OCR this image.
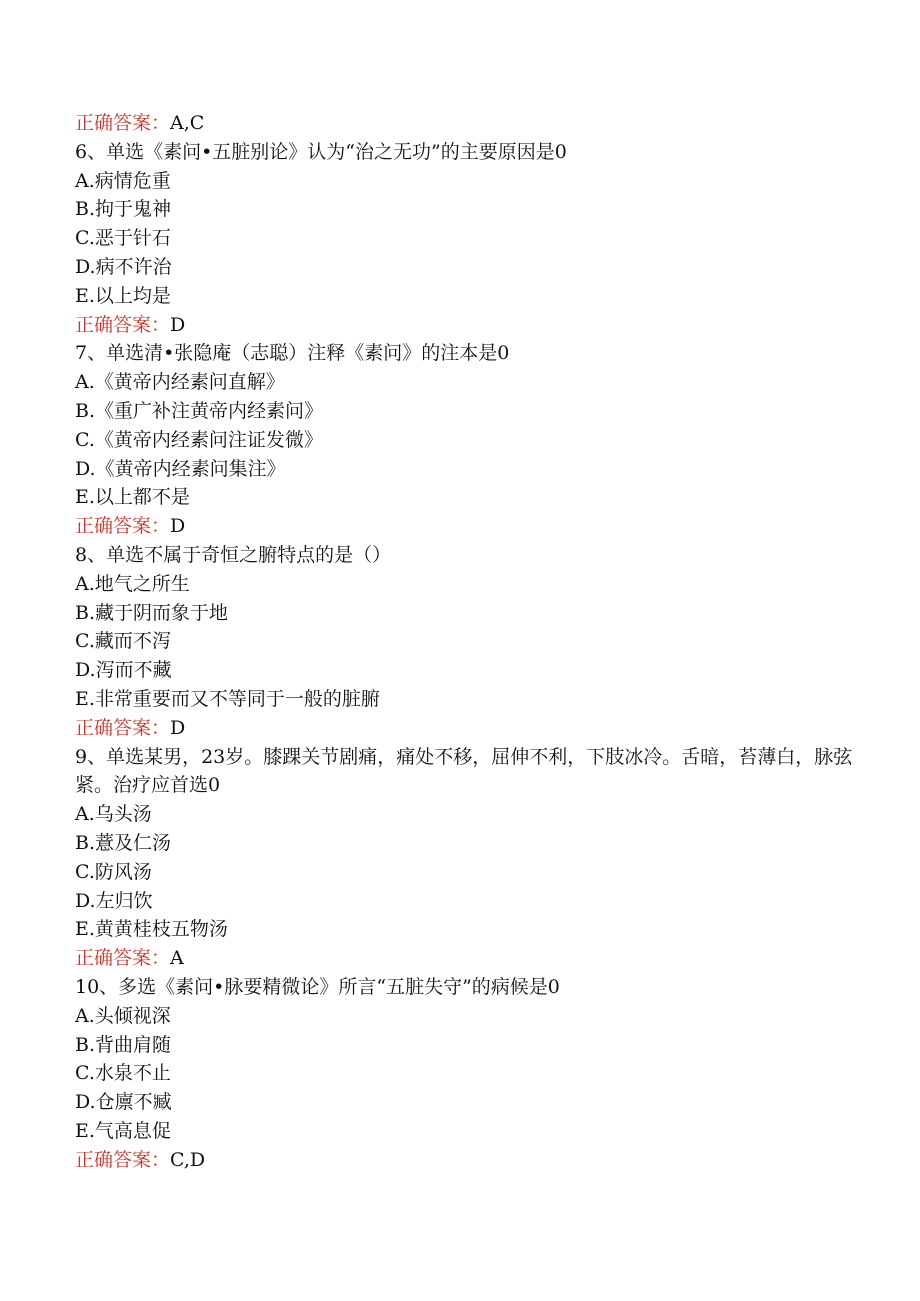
正确答案：A,C
6、单选《素问•五脏别论》认为“治之无功”的主要原因是0
A.病情危重
B.拘于鬼神
C.恶于针石
D.病不许治
E.以上均是
正确答案：D
7、单选清•张隐庵（志聪）注释《素问》的注本是0
A.《黄帝内经素问直解》
B.《重广补注黄帝内经素问》
C.《黄帝内经素问注证发微》
D.《黄帝内经素问集注》
E.以上都不是
正确答案：D
8、单选不属于奇恒之腑特点的是（）
A.地气之所生
B.藏于阴而象于地
C.藏而不泻
D.泻而不藏
E.非常重要而又不等同于一般的脏腑
正确答案：D
9、单选某男，23岁。膝踝关节剧痛，痛处不移，屈伸不利，下肢冰冷。舌暗，苔薄白，脉弦紧。治疗应首选0
A.乌头汤
B.薏及仁汤
C.防风汤
D.左归饮
E.黄黄桂枝五物汤
正确答案：A
10、多选《素问•脉要精微论》所言“五脏失守”的病候是0
A.头倾视深
B.背曲肩随
C.水泉不止
D.仓廪不臧
E.气高息促
正确答案：C,D
